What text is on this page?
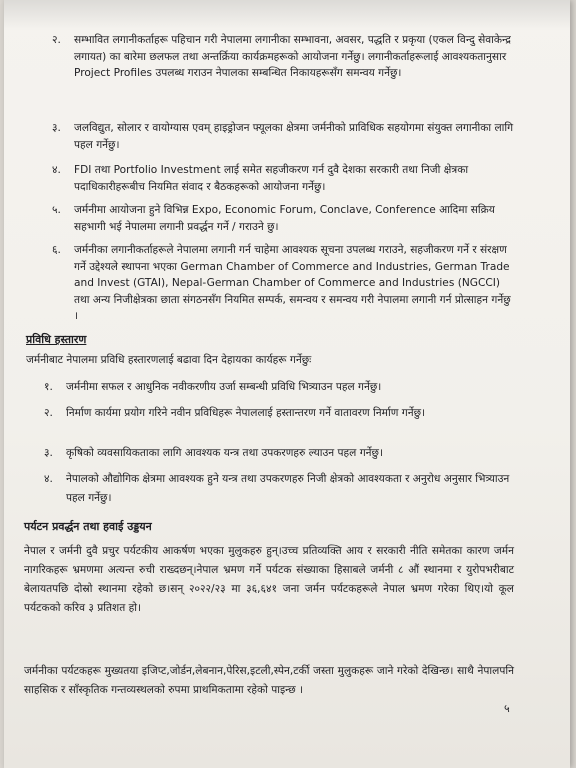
२.	सम्भावित लगानीकर्ताहरू पहिचान गरी नेपालमा लगानीका सम्भावना, अवसर, पद्धति र प्रकृया (एकल विन्दु सेवाकेन्द्र लगायत) का बारेमा छलफल तथा अन्तर्क्रिया कार्यक्रमहरूको आयोजना गर्नेछु। लगानीकर्ताहरूलाई आवश्यकतानुसार Project Profiles उपलब्ध गराउन नेपालका सम्बन्धित निकायहरूसँग समन्वय गर्नेछु।
३.	जलविद्युत, सोलार र वायोग्यास एवम् हाइड्रोजन फ्यूलका क्षेत्रमा जर्मनीको प्राविधिक सहयोगमा संयुक्त लगानीका लागि पहल गर्नेछु।
४.	FDI तथा Portfolio Investment लाई समेत सहजीकरण गर्न दुवै देशका सरकारी तथा निजी क्षेत्रका पदाधिकारीहरूबीच नियमित संवाद र बैठकहरूको आयोजना गर्नेछु।
५.	जर्मनीमा आयोजना हुने विभिन्न Expo, Economic Forum, Conclave, Conference आदिमा सक्रिय सहभागी भई नेपालमा लगानी प्रवर्द्धन गर्ने / गराउने छु।
६.	जर्मनीका लगानीकर्ताहरूले नेपालमा लगानी गर्न चाहेमा आवश्यक सूचना उपलब्ध गराउने, सहजीकरण गर्ने र संरक्षण गर्ने उद्देश्यले स्थापना भएका German Chamber of Commerce and Industries, German Trade and Invest (GTAI), Nepal-German Chamber of Commerce and Industries (NGCCI) तथा अन्य निजीक्षेत्रका छाता संगठनसँग नियमित सम्पर्क, समन्वय र समन्वय गरी नेपालमा लगानी गर्न प्रोत्साहन गर्नेछु ।
प्रविधि हस्तारण
जर्मनीबाट नेपालमा प्रविधि हस्तारणलाई बढावा दिन देहायका कार्यहरू गर्नेछुः
१.	जर्मनीमा सफल र आधुनिक नवीकरणीय उर्जा सम्बन्धी प्रविधि भित्र्याउन पहल गर्नेछु।
२.	निर्माण कार्यमा प्रयोग गरिने नवीन प्रविधिहरू नेपाललाई हस्तान्तरण गर्ने वातावरण निर्माण गर्नेछु।
३.	कृषिको व्यवसायिकताका लागि आवश्यक यन्त्र तथा उपकरणहरु ल्याउन पहल गर्नेछु।
४.	नेपालको औद्योगिक क्षेत्रमा आवश्यक हुने यन्त्र तथा उपकरणहरु निजी क्षेत्रको आवश्यकता र अनुरोध अनुसार भित्र्याउन पहल गर्नेछु।
पर्यटन प्रवर्द्धन तथा हवाई उड्डयन
नेपाल र जर्मनी दुवै प्रचुर पर्यटकीय आकर्षण भएका मुलुकहरु हुन्।उच्च प्रतिव्यक्ति आय र सरकारी नीति समेतका कारण जर्मन नागरिकहरू भ्रमणमा अत्यन्त रुची राख्दछन्।नेपाल भ्रमण गर्ने पर्यटक संख्याका हिसाबले जर्मनी ८ औं स्थानमा र युरोपभरीबाट बेलायतपछि दोस्रो स्थानमा रहेको छ।सन् २०२२/२३ मा ३६,६४१ जना जर्मन पर्यटकहरूले नेपाल भ्रमण गरेका थिए।यो कूल पर्यटकको करिव ३ प्रतिशत हो।
जर्मनीका पर्यटकहरू मुख्यतया इजिप्ट,जोर्डन,लेबनान,पेरिस,इटली,स्पेन,टर्की जस्ता मुलुकहरू जाने गरेको देखिन्छ। साथै नेपालपनि साहसिक र साँस्कृतिक गन्तव्यस्थलको रुपमा प्राथमिकतामा रहेको पाइन्छ ।
५
